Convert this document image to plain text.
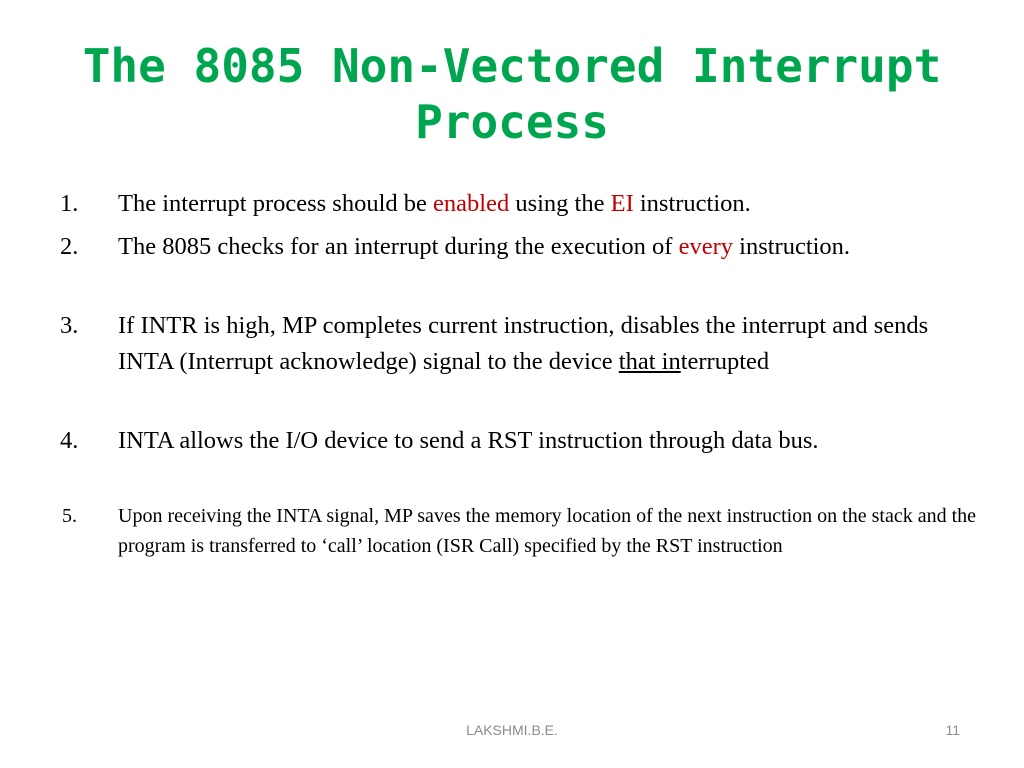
The 8085 Non-Vectored Interrupt
Process
1. The interrupt process should be enabled using the EI instruction.
2. The 8085 checks for an interrupt during the execution of every instruction.
3. If INTR is high, MP completes current instruction, disables the interrupt and sends INTA (Interrupt acknowledge) signal to the device that interrupted
4. INTA allows the I/O device to send a RST instruction through data bus.
5. Upon receiving the INTA signal, MP saves the memory location of the next instruction on the stack and the program is transferred to ‘call’ location (ISR Call) specified by the RST instruction
LAKSHMI.B.E.	11
